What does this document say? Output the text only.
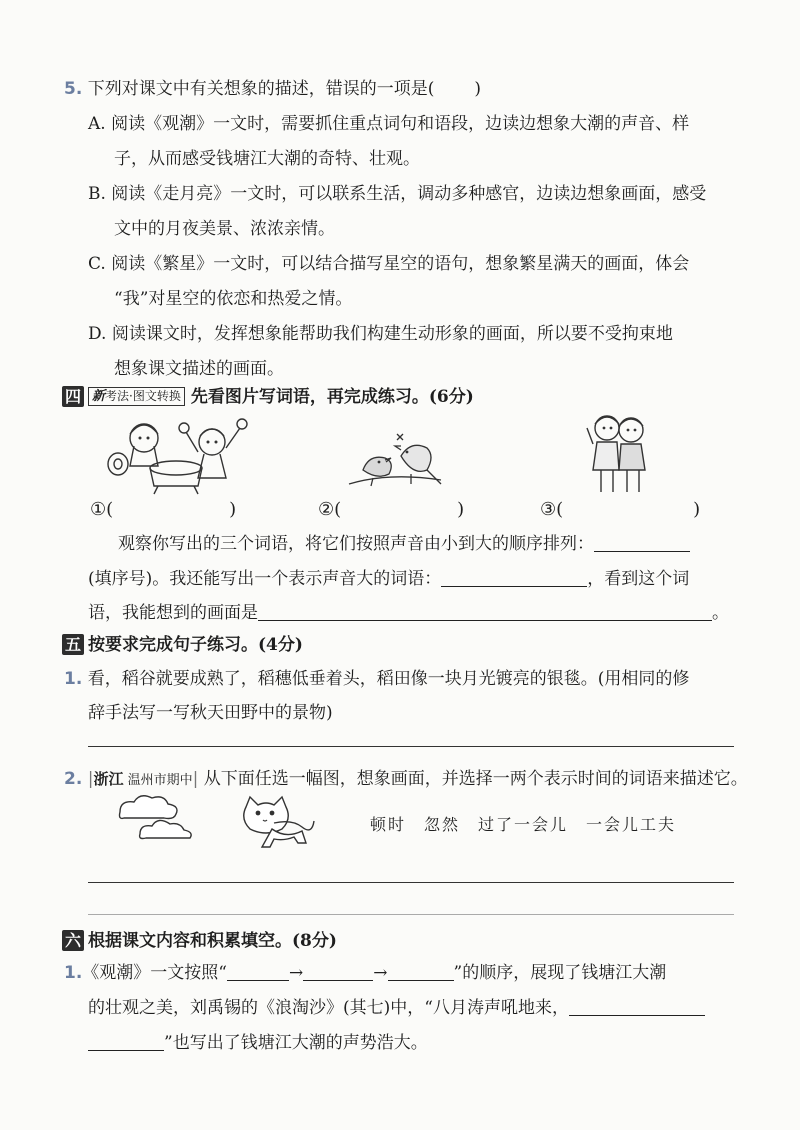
5. 下列对课文中有关想象的描述，错误的一项是( )
A. 阅读《观潮》一文时，需要抓住重点词句和语段，边读边想象大潮的声音、样
子，从而感受钱塘江大潮的奇特、壮观。
B. 阅读《走月亮》一文时，可以联系生活，调动多种感官，边读边想象画面，感受
文中的月夜美景、浓浓亲情。
C. 阅读《繁星》一文时，可以结合描写星空的语句，想象繁星满天的画面，体会
“我”对星空的依恋和热爱之情。
D. 阅读课文时，发挥想象能帮助我们构建生动形象的画面，所以要不受拘束地
想象课文描述的画面。
四 新考法·图文转换 先看图片写词语，再完成练习。(6分)
①(	)	②(	)	③(	)
观察你写出的三个词语，将它们按照声音由小到大的顺序排列：
(填序号)。我还能写出一个表示声音大的词语：	，看到这个词
语，我能想到的画面是	。
五 按要求完成句子练习。(4分)
1. 看，稻谷就要成熟了，稻穗低垂着头，稻田像一块月光镀亮的银毯。(用相同的修
辞手法写一写秋天田野中的景物)
2. |浙江 温州市期中| 从下面任选一幅图，想象画面，并选择一两个表示时间的词语来描述它。
顿时　忽然　过了一会儿　一会儿工夫
六 根据课文内容和积累填空。(8分)
1.《观潮》一文按照“	→	→	”的顺序，展现了钱塘江大潮
的壮观之美，刘禹锡的《浪淘沙》(其七)中，“八月涛声吼地来，
”也写出了钱塘江大潮的声势浩大。
